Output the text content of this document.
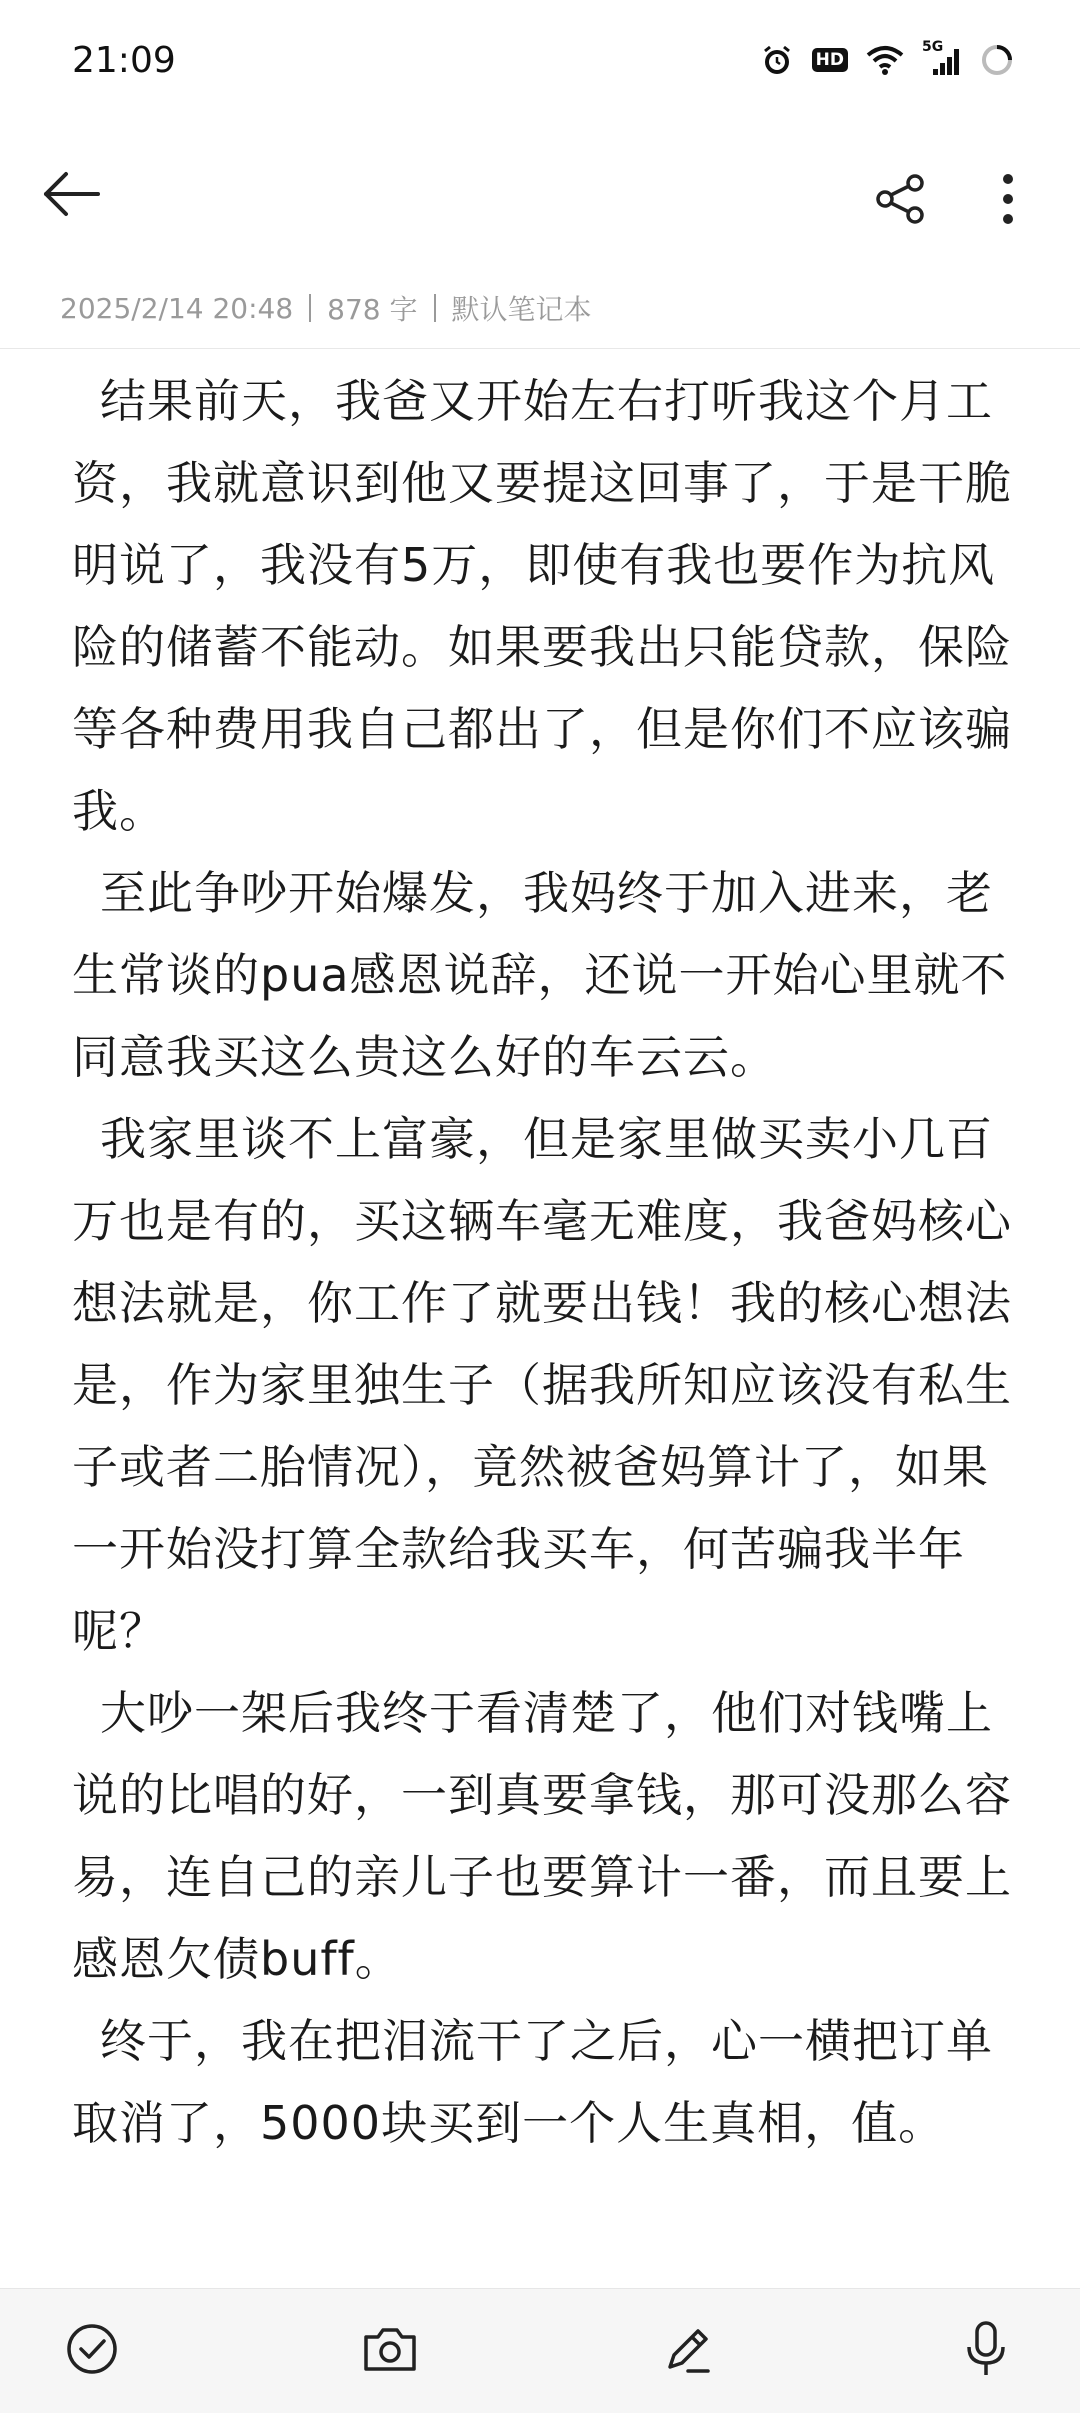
21:09	HD
5G
2025/2/14 20:48 878 字 默认笔记本

结果前天，我爸又开始左右打听我这个月工资，我就意识到他又要提这回事了，于是干脆明说了，我没有5万，即使有我也要作为抗风险的储蓄不能动。如果要我出只能贷款，保险等各种费用我自己都出了，但是你们不应该骗我。

至此争吵开始爆发，我妈终于加入进来，老生常谈的pua感恩说辞，还说一开始心里就不同意我买这么贵这么好的车云云。

我家里谈不上富豪，但是家里做买卖小几百万也是有的，买这辆车毫无难度，我爸妈核心想法就是，你工作了就要出钱！我的核心想法是，作为家里独生子（据我所知应该没有私生子或者二胎情况），竟然被爸妈算计了，如果一开始没打算全款给我买车，何苦骗我半年呢？

大吵一架后我终于看清楚了，他们对钱嘴上说的比唱的好，一到真要拿钱，那可没那么容易，连自己的亲儿子也要算计一番，而且要上感恩欠债buff。

终于，我在把泪流干了之后，心一横把订单取消了，5000块买到一个人生真相，值。
